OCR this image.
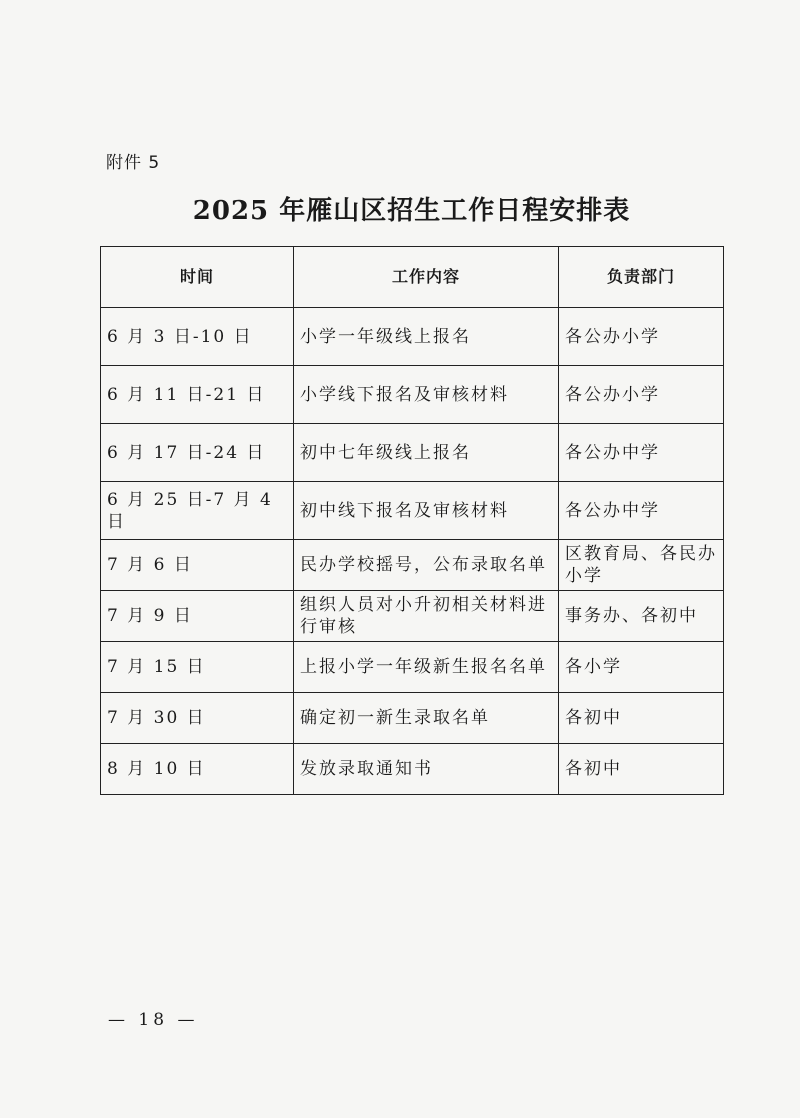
附件 5
2025 年雁山区招生工作日程安排表
时间	工作内容	负责部门
6 月 3 日-10 日	小学一年级线上报名	各公办小学
6 月 11 日-21 日	小学线下报名及审核材料	各公办小学
6 月 17 日-24 日	初中七年级线上报名	各公办中学
6 月 25 日-7 月 4 日	初中线下报名及审核材料	各公办中学
7 月 6 日	民办学校摇号，公布录取名单	区教育局、各民办小学
7 月 9 日	组织人员对小升初相关材料进行审核	事务办、各初中
7 月 15 日	上报小学一年级新生报名名单	各小学
7 月 30 日	确定初一新生录取名单	各初中
8 月 10 日	发放录取通知书	各初中
— 18 —
